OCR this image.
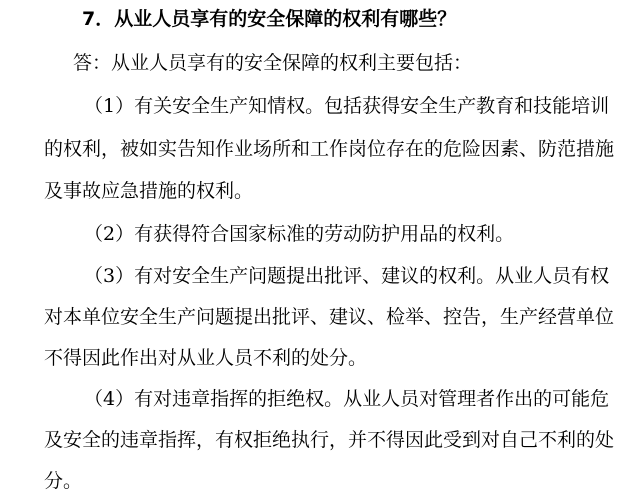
7．从业人员享有的安全保障的权利有哪些？
答：从业人员享有的安全保障的权利主要包括：
（1）有关安全生产知情权。包括获得安全生产教育和技能培训
的权利，被如实告知作业场所和工作岗位存在的危险因素、防范措施
及事故应急措施的权利。
（2）有获得符合国家标准的劳动防护用品的权利。
（3）有对安全生产问题提出批评、建议的权利。从业人员有权
对本单位安全生产问题提出批评、建议、检举、控告，生产经营单位
不得因此作出对从业人员不利的处分。
（4）有对违章指挥的拒绝权。从业人员对管理者作出的可能危
及安全的违章指挥，有权拒绝执行，并不得因此受到对自己不利的处
分。
